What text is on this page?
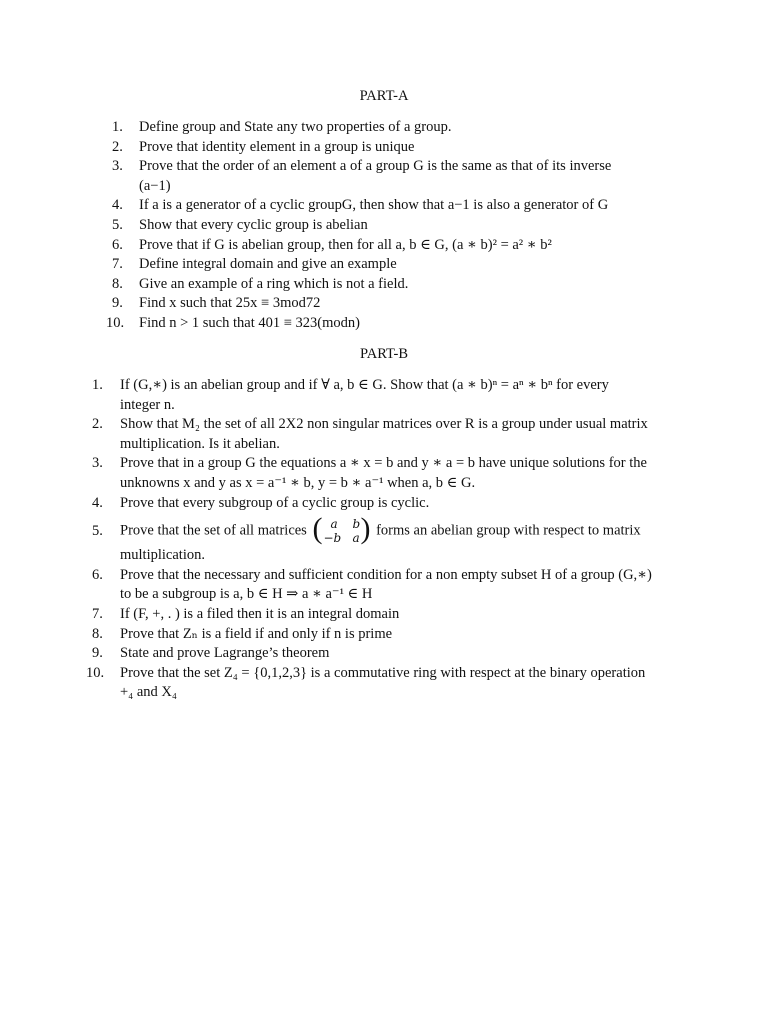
PART-A
1. Define group and State any two properties of a group.
2. Prove that identity element in a group is unique
3. Prove that the order of an element a of a group G is the same as that of its inverse
(a−1)
4. If a is a generator of a cyclic groupG, then show that a−1 is also a generator of G
5. Show that every cyclic group is abelian
6. Prove that if G is abelian group, then for all a, b ∈ G, (a ∗ b)² = a² ∗ b²
7. Define integral domain and give an example
8. Give an example of a ring which is not a field.
9. Find x such that 25x ≡ 3mod72
10. Find n > 1 such that 401 ≡ 323(modn)
PART-B
1. If (G,∗) is an abelian group and if ∀ a, b ∈ G. Show that (a ∗ b)ⁿ = aⁿ ∗ bⁿ for every
integer n.
2. Show that M₂ the set of all 2X2 non singular matrices over R is a group under usual matrix
multiplication. Is it abelian.
3. Prove that in a group G the equations a ∗ x = b and y ∗ a = b have unique solutions for the
unknowns x and y as x = a⁻¹ ∗ b, y = b ∗ a⁻¹ when a, b ∈ G.
4. Prove that every subgroup of a cyclic group is cyclic.
5. Prove that the set of all matrices ( a b
−b a ) forms an abelian group with respect to matrix
multiplication.
6. Prove that the necessary and sufficient condition for a non empty subset H of a group (G,∗)
to be a subgroup is a, b ∈ H ⇒ a ∗ a⁻¹ ∈ H
7. If (F, +, . ) is a filed then it is an integral domain
8. Prove that Zₙ is a field if and only if n is prime
9. State and prove Lagrange’s theorem
10. Prove that the set Z₄ = {0,1,2,3} is a commutative ring with respect at the binary operation
+₄ and X₄
